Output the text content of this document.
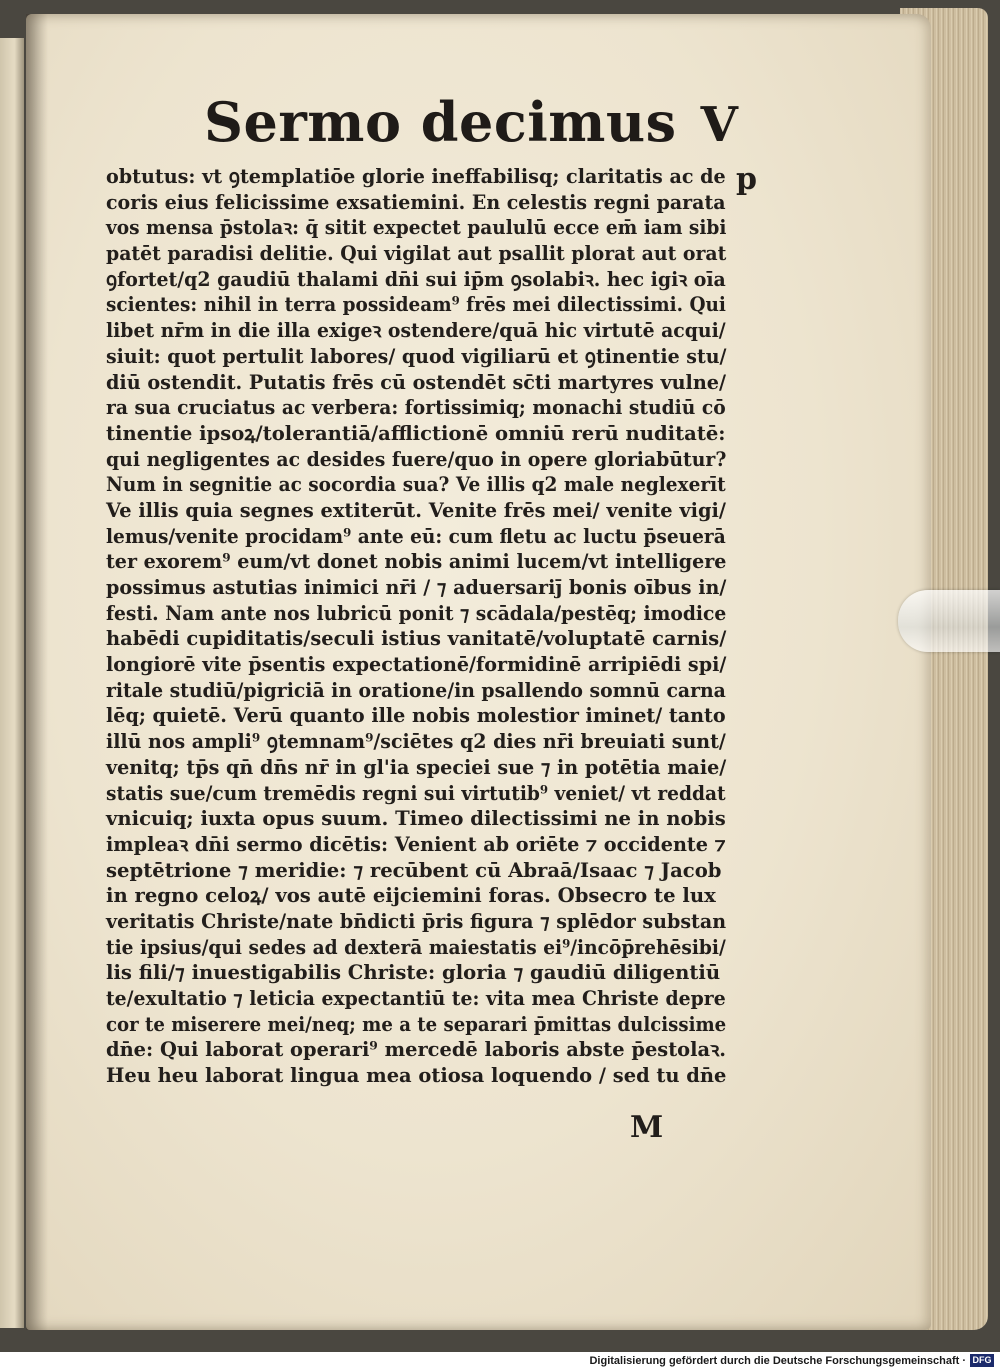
Sermo decimus V
p
obtutus: vt ꝯtemplatiōe glorie ineffabilisq; claritatis ac de
coris eius felicissime exsatiemini. En celestis regni parata
vos mensa p̄stolaꝛ: q̄ sitit expectet paululū ecce em̄ iam sibi
patēt paradisi delitie. Qui vigilat aut psallit plorat aut orat
ꝯfortet/q2 gaudiū thalami dn̄i sui ip̄m ꝯsolabiꝛ. hec igiꝛ oīa
scientes: nihil in terra possideam⁹ frēs mei dilectissimi. Qui
libet nr̄m in die illa exigeꝛ ostendere/quā hic virtutē acqui/
siuit: quot pertulit labores/ quod vigiliarū et ꝯtinentie stu/
diū ostendit. Putatis frēs cū ostendēt sc̄ti martyres vulne/
ra sua cruciatus ac verbera: fortissimiq; monachi studiū cō
tinentie ipsoꝝ/tolerantiā/afflictionē omniū rerū nuditatē:
qui negligentes ac desides fuere/quo in opere gloriabūtur?
Num in segnitie ac socordia sua? Ve illis q2 male neglexerīt
Ve illis quia segnes extiterūt. Venite frēs mei/ venite vigi/
lemus/venite procidam⁹ ante eū: cum fletu ac luctu p̄seuerā
ter exorem⁹ eum/vt donet nobis animi lucem/vt intelligere
possimus astutias inimici nr̄i / ⁊ aduersariȷ̄ bonis oībus in/
festi. Nam ante nos lubricū ponit ⁊ scādala/pestēq; imodice
habēdi cupiditatis/seculi istius vanitatē/voluptatē carnis/
longiorē vite p̄sentis expectationē/formidinē arripiēdi spi/
ritale studiū/pigriciā in oratione/in psallendo somnū carna
lēq; quietē. Verū quanto ille nobis molestior iminet/ tanto
illū nos ampli⁹ ꝯtemnam⁹/sciētes q2 dies nr̄i breuiati sunt/
venitq; tp̄s qn̄ dn̄s nr̄ in gl'ia speciei sue ⁊ in potētia maie/
statis sue/cum tremēdis regni sui virtutib⁹ veniet/ vt reddat
vnicuiq; iuxta opus suum. Timeo dilectissimi ne in nobis
impleaꝛ dn̄i sermo dicētis: Venient ab oriēte ⁊ occidente ⁊
septētrione ⁊ meridie: ⁊ recūbent cū Abraā/Isaac ⁊ Jacob
in regno celoꝝ/ vos autē eijciemini foras. Obsecro te lux
veritatis Christe/nate bn̄dicti p̄ris figura ⁊ splēdor substan
tie ipsius/qui sedes ad dexterā maiestatis ei⁹/incōp̄rehēsibi/
lis fili/⁊ inuestigabilis Christe: gloria ⁊ gaudiū diligentiū
te/exultatio ⁊ leticia expectantiū te: vita mea Christe depre
cor te miserere mei/neq; me a te separari p̄mittas dulcissime
dn̄e: Qui laborat operari⁹ mercedē laboris abste p̄estolaꝛ.
Heu heu laborat lingua mea otiosa loquendo / sed tu dn̄e
M
Digitalisierung gefördert durch die Deutsche Forschungsgemeinschaft · DFG
